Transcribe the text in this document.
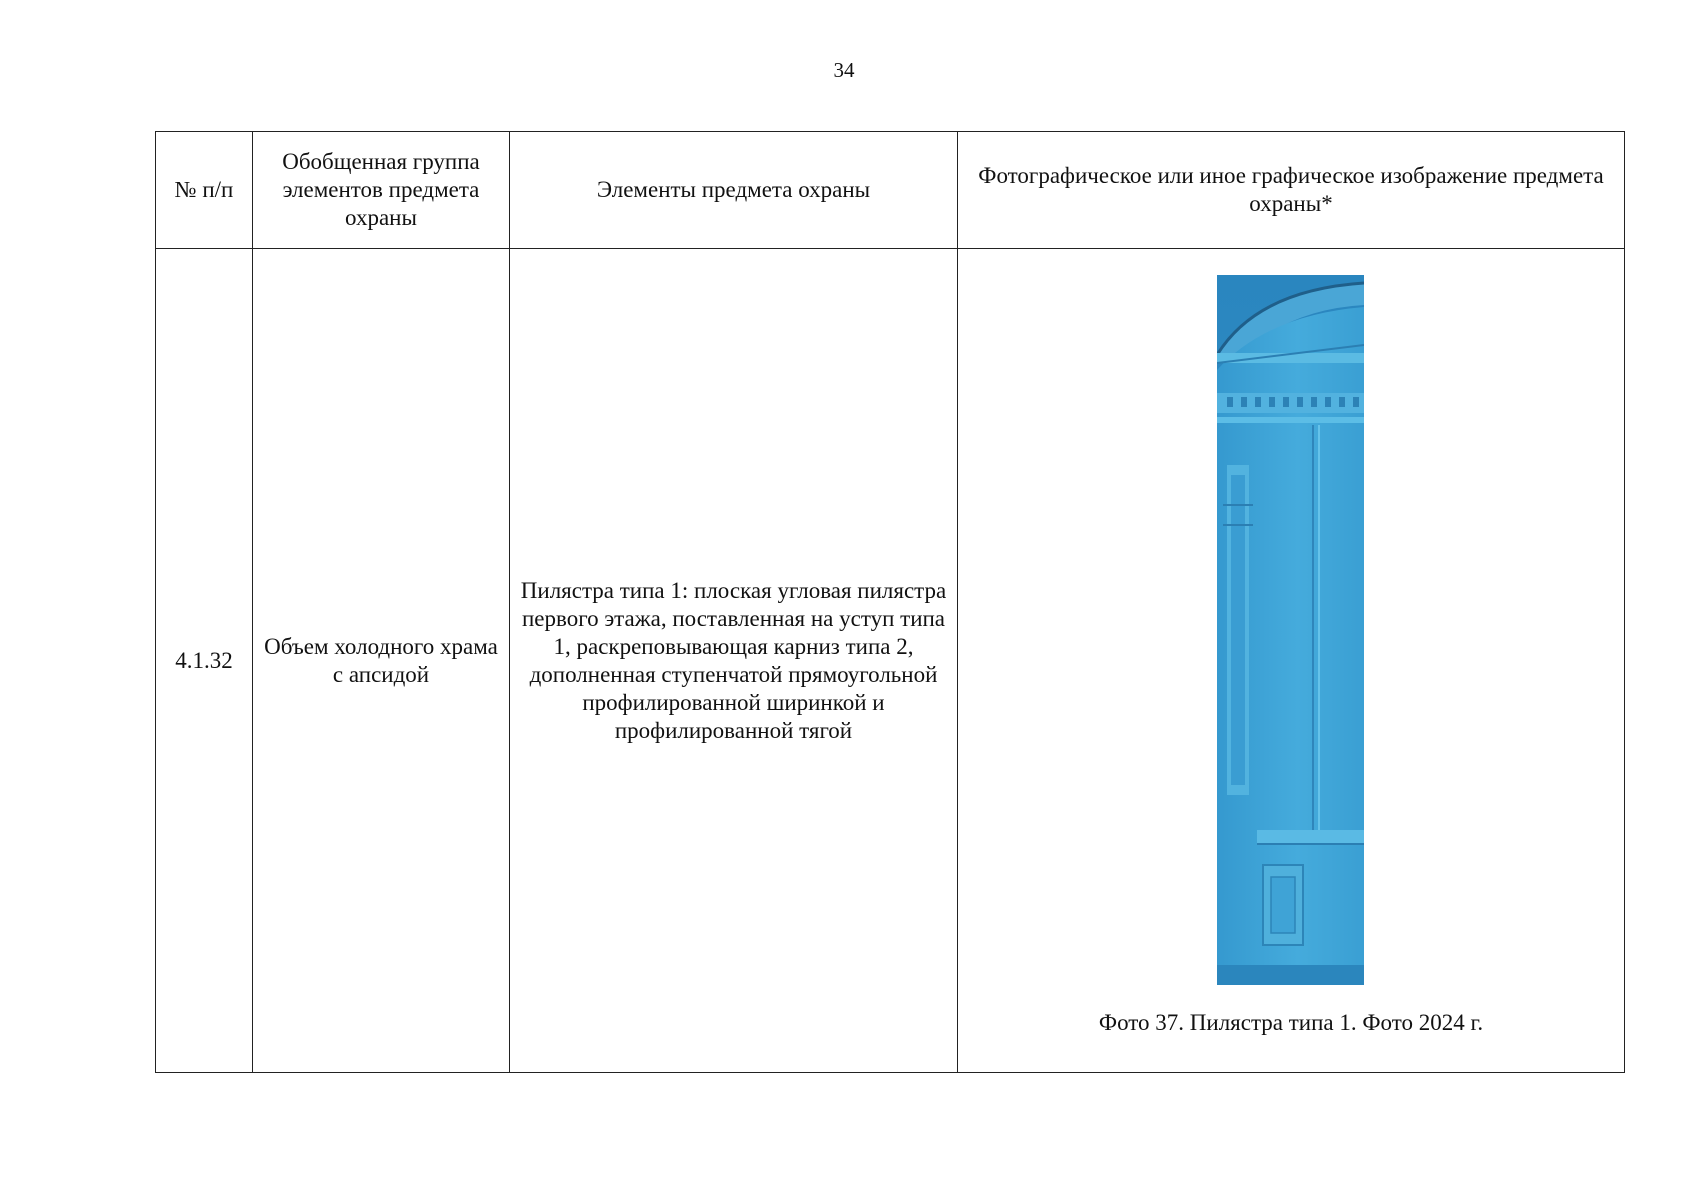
34
№ п/п	Обобщенная группа элементов предмета охраны	Элементы предмета охраны	Фотографическое или иное графическое изображение предмета охраны*
4.1.32	Объем холодного храма с апсидой	Пилястра типа 1: плоская угловая пилястра первого этажа, поставленная на уступ типа 1, раскреповывающая карниз типа 2, дополненная ступенчатой прямоугольной профилированной ширинкой и профилированной тягой	Фото 37. Пилястра типа 1. Фото 2024 г.
